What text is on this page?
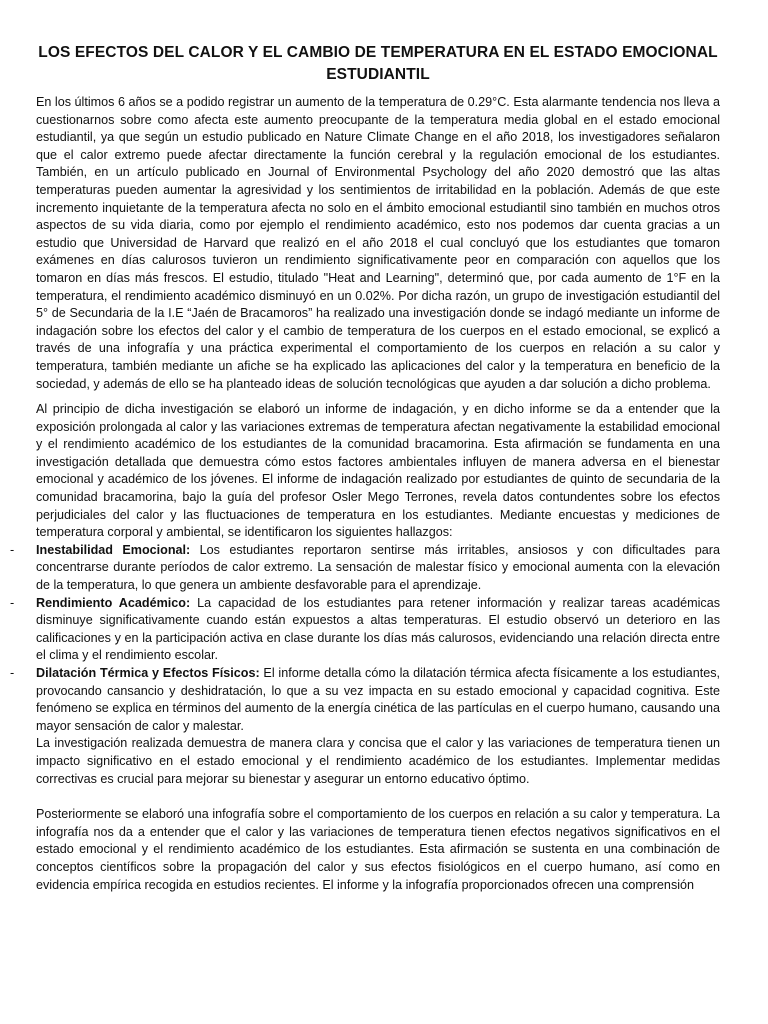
LOS EFECTOS DEL CALOR Y EL CAMBIO DE TEMPERATURA EN EL ESTADO EMOCIONAL ESTUDIANTIL

En los últimos 6 años se a podido registrar un aumento de la temperatura de 0.29°C. Esta alarmante tendencia nos lleva a cuestionarnos sobre como afecta este aumento preocupante de la temperatura media global en el estado emocional estudiantil, ya que según un estudio publicado en Nature Climate Change en el año 2018, los investigadores señalaron que el calor extremo puede afectar directamente la función cerebral y la regulación emocional de los estudiantes. También, en un artículo publicado en Journal of Environmental Psychology del año 2020 demostró que las altas temperaturas pueden aumentar la agresividad y los sentimientos de irritabilidad en la población. Además de que este incremento inquietante de la temperatura afecta no solo en el ámbito emocional estudiantil sino también en muchos otros aspectos de su vida diaria, como por ejemplo el rendimiento académico, esto nos podemos dar cuenta gracias a un estudio que Universidad de Harvard que realizó en el año 2018 el cual concluyó que los estudiantes que tomaron exámenes en días calurosos tuvieron un rendimiento significativamente peor en comparación con aquellos que los tomaron en días más frescos. El estudio, titulado "Heat and Learning", determinó que, por cada aumento de 1°F en la temperatura, el rendimiento académico disminuyó en un 0.02%. Por dicha razón, un grupo de investigación estudiantil del 5° de Secundaria de la I.E “Jaén de Bracamoros” ha realizado una investigación donde se indagó mediante un informe de indagación sobre los efectos del calor y el cambio de temperatura de los cuerpos en el estado emocional, se explicó a través de una infografía y una práctica experimental el comportamiento de los cuerpos en relación a su calor y temperatura, también mediante un afiche se ha explicado las aplicaciones del calor y la temperatura en beneficio de la sociedad, y además de ello se ha planteado ideas de solución tecnológicas que ayuden a dar solución a dicho problema.

Al principio de dicha investigación se elaboró un informe de indagación, y en dicho informe se da a entender que la exposición prolongada al calor y las variaciones extremas de temperatura afectan negativamente la estabilidad emocional y el rendimiento académico de los estudiantes de la comunidad bracamorina. Esta afirmación se fundamenta en una investigación detallada que demuestra cómo estos factores ambientales influyen de manera adversa en el bienestar emocional y académico de los jóvenes. El informe de indagación realizado por estudiantes de quinto de secundaria de la comunidad bracamorina, bajo la guía del profesor Osler Mego Terrones, revela datos contundentes sobre los efectos perjudiciales del calor y las fluctuaciones de temperatura en los estudiantes. Mediante encuestas y mediciones de temperatura corporal y ambiental, se identificaron los siguientes hallazgos:

- Inestabilidad Emocional: Los estudiantes reportaron sentirse más irritables, ansiosos y con dificultades para concentrarse durante períodos de calor extremo. La sensación de malestar físico y emocional aumenta con la elevación de la temperatura, lo que genera un ambiente desfavorable para el aprendizaje.

- Rendimiento Académico: La capacidad de los estudiantes para retener información y realizar tareas académicas disminuye significativamente cuando están expuestos a altas temperaturas. El estudio observó un deterioro en las calificaciones y en la participación activa en clase durante los días más calurosos, evidenciando una relación directa entre el clima y el rendimiento escolar.

- Dilatación Térmica y Efectos Físicos: El informe detalla cómo la dilatación térmica afecta físicamente a los estudiantes, provocando cansancio y deshidratación, lo que a su vez impacta en su estado emocional y capacidad cognitiva. Este fenómeno se explica en términos del aumento de la energía cinética de las partículas en el cuerpo humano, causando una mayor sensación de calor y malestar.

La investigación realizada demuestra de manera clara y concisa que el calor y las variaciones de temperatura tienen un impacto significativo en el estado emocional y el rendimiento académico de los estudiantes. Implementar medidas correctivas es crucial para mejorar su bienestar y asegurar un entorno educativo óptimo.

Posteriormente se elaboró una infografía sobre el comportamiento de los cuerpos en relación a su calor y temperatura. La infografía nos da a entender que el calor y las variaciones de temperatura tienen efectos negativos significativos en el estado emocional y el rendimiento académico de los estudiantes. Esta afirmación se sustenta en una combinación de conceptos científicos sobre la propagación del calor y sus efectos fisiológicos en el cuerpo humano, así como en evidencia empírica recogida en estudios recientes. El informe y la infografía proporcionados ofrecen una comprensión
